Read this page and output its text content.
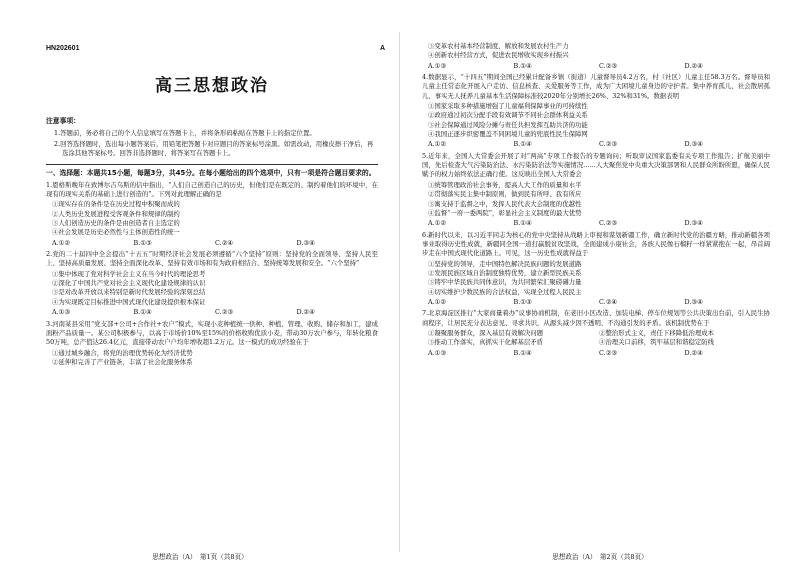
HN202601	A
高三思想政治
注意事项：
1.答题前，务必将自己的个人信息填写在答题卡上，并将条形码粘贴在答题卡上的指定位置。
2.回答选择题时，选出每小题答案后，用铅笔把答题卡对应题目的答案标号涂黑。如需改动，用橡皮擦干净后，再选涂其他答案标号。回答非选择题时，将答案写在答题卡上。
一、选择题：本题共15小题，每题3分，共45分。在每小题给出的四个选项中，只有一项是符合题目要求的。
1.恩格斯晚年在致博尔吉乌斯的信中指出，“人们自己创造自己的历史，但他们是在既定的、制约着他们的环境中，在现有的现实关系的基础上进行创造的”。下列对此理解正确的是
①现实存在的条件是在历史过程中积聚而成的
②人类历史发展进程受客观条件和规律的制约
③人们创造历史的条件是由创造者自主选定的
④社会发展是历史必然性与主体创造性的统一
A.①②	B.①③	C.②④	D.③④
2.党的二十届四中全会提出“十五五”时期经济社会发展必须遵循“六个坚持”原则：坚持党的全面领导、坚持人民至上、坚持高质量发展、坚持全面深化改革、坚持有效市场和有为政府相结合、坚持统筹发展和安全。“六个坚持”
①集中体现了党对科学社会主义在当今时代的理论思考
②深化了中国共产党对社会主义现代化建设规律的认识
③是对改革开放以来特别是新时代发展经验的深刻总结
④为实现既定目标推进中国式现代化建设提供根本保证
A.①③	B.①④	C.②③	D.②④
3.河南某县采用“党支部+公司+合作社+农户”模式，实现小麦种植统一供种、种植、管理、收购、储存和加工，建成面粉产品质量一。某公司积极参与，以高于市场价10%至15%的价格收购优质小麦，带动30万农户参与，年转化粮食50万吨，总产值达26.4亿元，直接带动农户户均年增收超1.2万元。这一模式的成功经验在于
①通过城乡融合，将党的治理优势转化为经济优势
②延伸和完善了产业链条，丰富了社会化服务体系
③变革农村基本经营制度，解放和发展农村生产力
④创新农村经营方式，促进农民增收实现乡村振兴
A.①③	B.①④	C.②③	D.②④
4.数据显示，“十四五”期间全国已经累计配备乡镇（街道）儿童督导员4.2万名，村（社区）儿童主任58.3万名。督导员和儿童主任常态化开展入户走访、信息核查、关爱服务等工作，成为广大困境儿童身边的守护者。集中养育孤儿、社会散居孤儿、事实无人抚养儿童基本生活保障标准较2020年分别增长26%、32%和31%。数据表明
①国家采取多种措施增强了儿童福利保障事业的可持续性
②政府通过初次分配手段有效调节不同社会群体利益关系
③社会保障通过风险分摊与责任共担发挥互助共济的功能
④我国正逐步织密覆盖不同困境儿童的兜底性民生保障网
A.①②	B.①④	C.②③	D.③④
5.近年来，全国人大常委会开展了对“两高”专项工作报告的专题询问；听取审议国家监委有关专项工作报告；扩航美丽中国，先后检查大气污染防治法、水污染防治法等实施情况……人大聚焦党中央重大决策部署和人民群众所盼所愿，确保人民赋予的权力始终依法正确行使。这反映出全国人大常委会
①统筹管理政治社会事务，提高人大工作的质量和水平
②贯彻落实民主集中制原则，做到民有所呼、我有所应
③寓支持于监督之中，发挥人民代表大会制度的优越性
④监督“一府一委两院”，彰显社会主义制度的最大优势
A.①②	B.①④	C.②③	D.③④
6.新时代以来，以习近平同志为核心的党中央坚持从战略上审视和谋划新疆工作，确立新时代党的治疆方略，推动新疆各项事业取得历史性成就，新疆同全国一道打赢脱贫攻坚战，全面建成小康社会，各族人民像石榴籽一样紧紧抱在一起，昂首阔步走在中国式现代化道路上。可见，这一历史性成就得益于
①坚持党的领导，走中国特色解决民族问题的发展道路
②发展民族区域自治制度独特优势，建立新型民族关系
③铸牢中华民族共同体意识，为共同繁荣汇聚磅礴力量
④切实维护少数民族的合法权益，实现全过程人民民主
A.①②	B.①③	C.②④	D.③④
7.北京海淀区推行“大家商量着办”议事协商机制，在老旧小区改造、加装电梯、停车位规划等公共决策出台前，引入民生协商程序，让居民充分表达意见、寻求共识，从源头减少因不透明、不沟通引发的矛盾。该机制优势在于
①凝聚服务群众，深入基层有效解决问题	②整治形式主义，责任下移降低治理成本
③推动工作落实，真抓实干化解基层矛盾	④治理关口前移，筑牢基层和谐稳定防线
A.①③	B.①④	C.②③	D.②④
思想政治（A）　第1页（共8页）	思想政治（A）　第2页（共8页）
